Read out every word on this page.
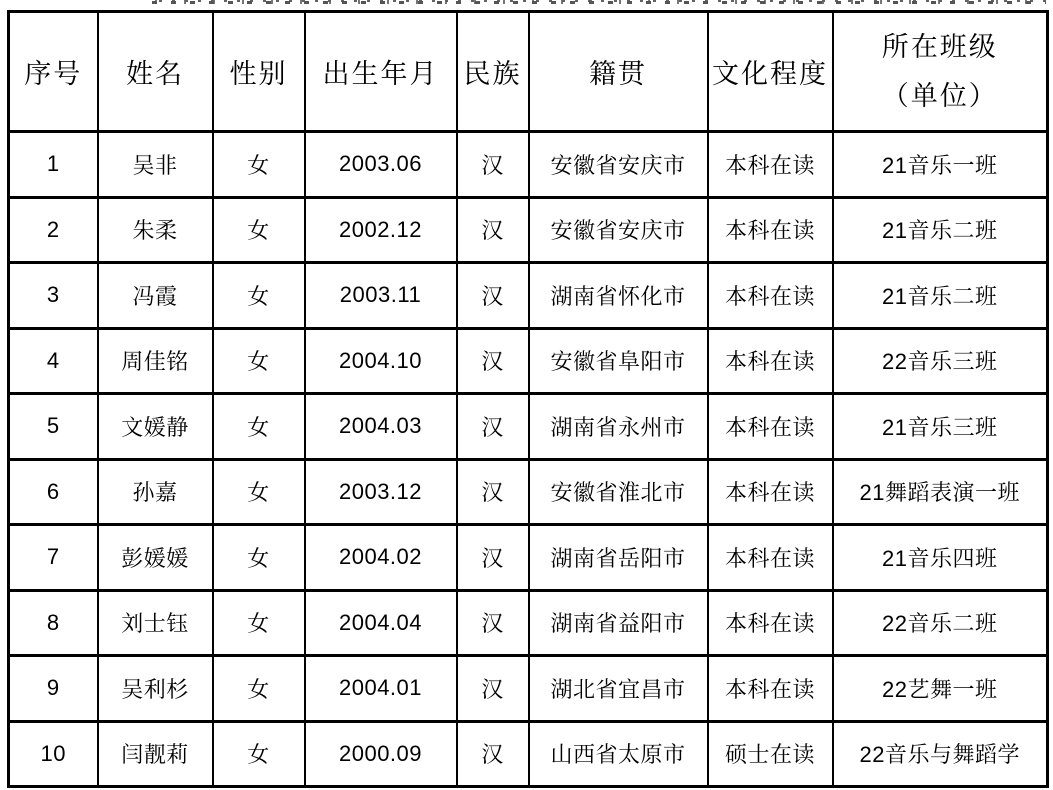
序号	姓名	性别	出生年月	民族	籍贯	文化程度	所在班级
（单位）

1	吴非	女	2003.06	汉	安徽省安庆市	本科在读	21音乐一班
2	朱柔	女	2002.12	汉	安徽省安庆市	本科在读	21音乐二班
3	冯霞	女	2003.11	汉	湖南省怀化市	本科在读	21音乐二班
4	周佳铭	女	2004.10	汉	安徽省阜阳市	本科在读	22音乐三班
5	文媛静	女	2004.03	汉	湖南省永州市	本科在读	21音乐三班
6	孙嘉	女	2003.12	汉	安徽省淮北市	本科在读	21舞蹈表演一班
7	彭媛媛	女	2004.02	汉	湖南省岳阳市	本科在读	21音乐四班
8	刘士钰	女	2004.04	汉	湖南省益阳市	本科在读	22音乐二班
9	吴利杉	女	2004.01	汉	湖北省宜昌市	本科在读	22艺舞一班
10	闫靓莉	女	2000.09	汉	山西省太原市	硕士在读	22音乐与舞蹈学
